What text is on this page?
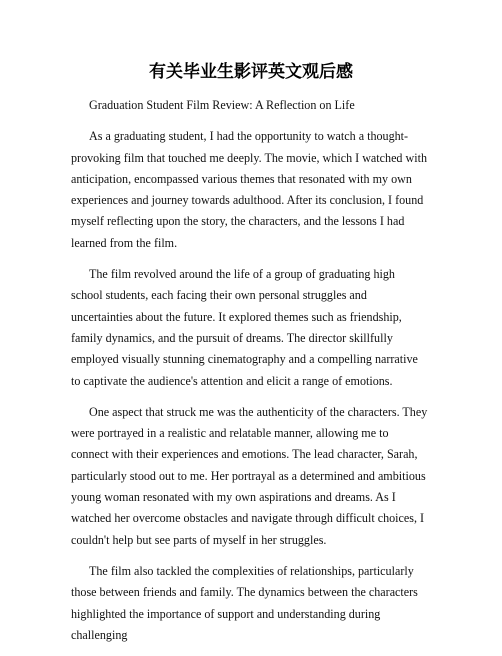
有关毕业生影评英文观后感

Graduation Student Film Review: A Reflection on Life

As a graduating student, I had the opportunity to watch a thought-provoking film that touched me deeply. The movie, which I watched with anticipation, encompassed various themes that resonated with my own experiences and journey towards adulthood. After its conclusion, I found myself reflecting upon the story, the characters, and the lessons I had learned from the film.

The film revolved around the life of a group of graduating high school students, each facing their own personal struggles and uncertainties about the future. It explored themes such as friendship, family dynamics, and the pursuit of dreams. The director skillfully employed visually stunning cinematography and a compelling narrative to captivate the audience's attention and elicit a range of emotions.

One aspect that struck me was the authenticity of the characters. They were portrayed in a realistic and relatable manner, allowing me to connect with their experiences and emotions. The lead character, Sarah, particularly stood out to me. Her portrayal as a determined and ambitious young woman resonated with my own aspirations and dreams. As I watched her overcome obstacles and navigate through difficult choices, I couldn't help but see parts of myself in her struggles.

The film also tackled the complexities of relationships, particularly those between friends and family. The dynamics between the characters highlighted the importance of support and understanding during challenging
